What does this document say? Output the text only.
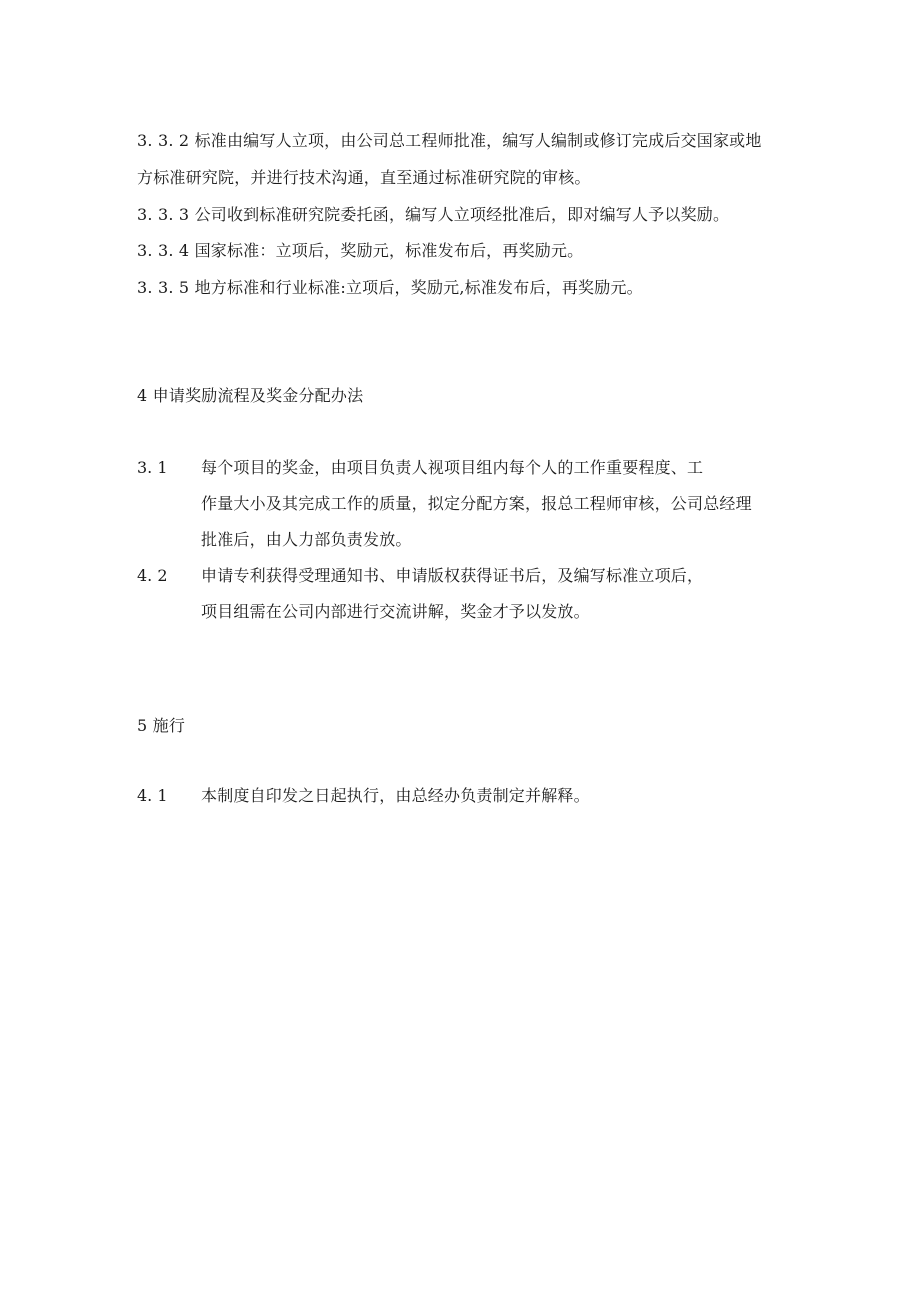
3. 3. 2 标准由编写人立项，由公司总工程师批准，编写人编制或修订完成后交国家或地
方标准研究院，并进行技术沟通，直至通过标准研究院的审核。
3. 3. 3 公司收到标准研究院委托函，编写人立项经批准后，即对编写人予以奖励。
3. 3. 4 国家标准：立项后，奖励元，标准发布后，再奖励元。
3. 3. 5 地方标准和行业标准:立项后，奖励元,标准发布后，再奖励元。
4 申请奖励流程及奖金分配办法
3. 1 每个项目的奖金，由项目负责人视项目组内每个人的工作重要程度、工
作量大小及其完成工作的质量，拟定分配方案，报总工程师审核，公司总经理
批准后，由人力部负责发放。
4. 2 申请专利获得受理通知书、申请版权获得证书后，及编写标准立项后，
项目组需在公司内部进行交流讲解，奖金才予以发放。
5 施行
4. 1 本制度自印发之日起执行，由总经办负责制定并解释。
